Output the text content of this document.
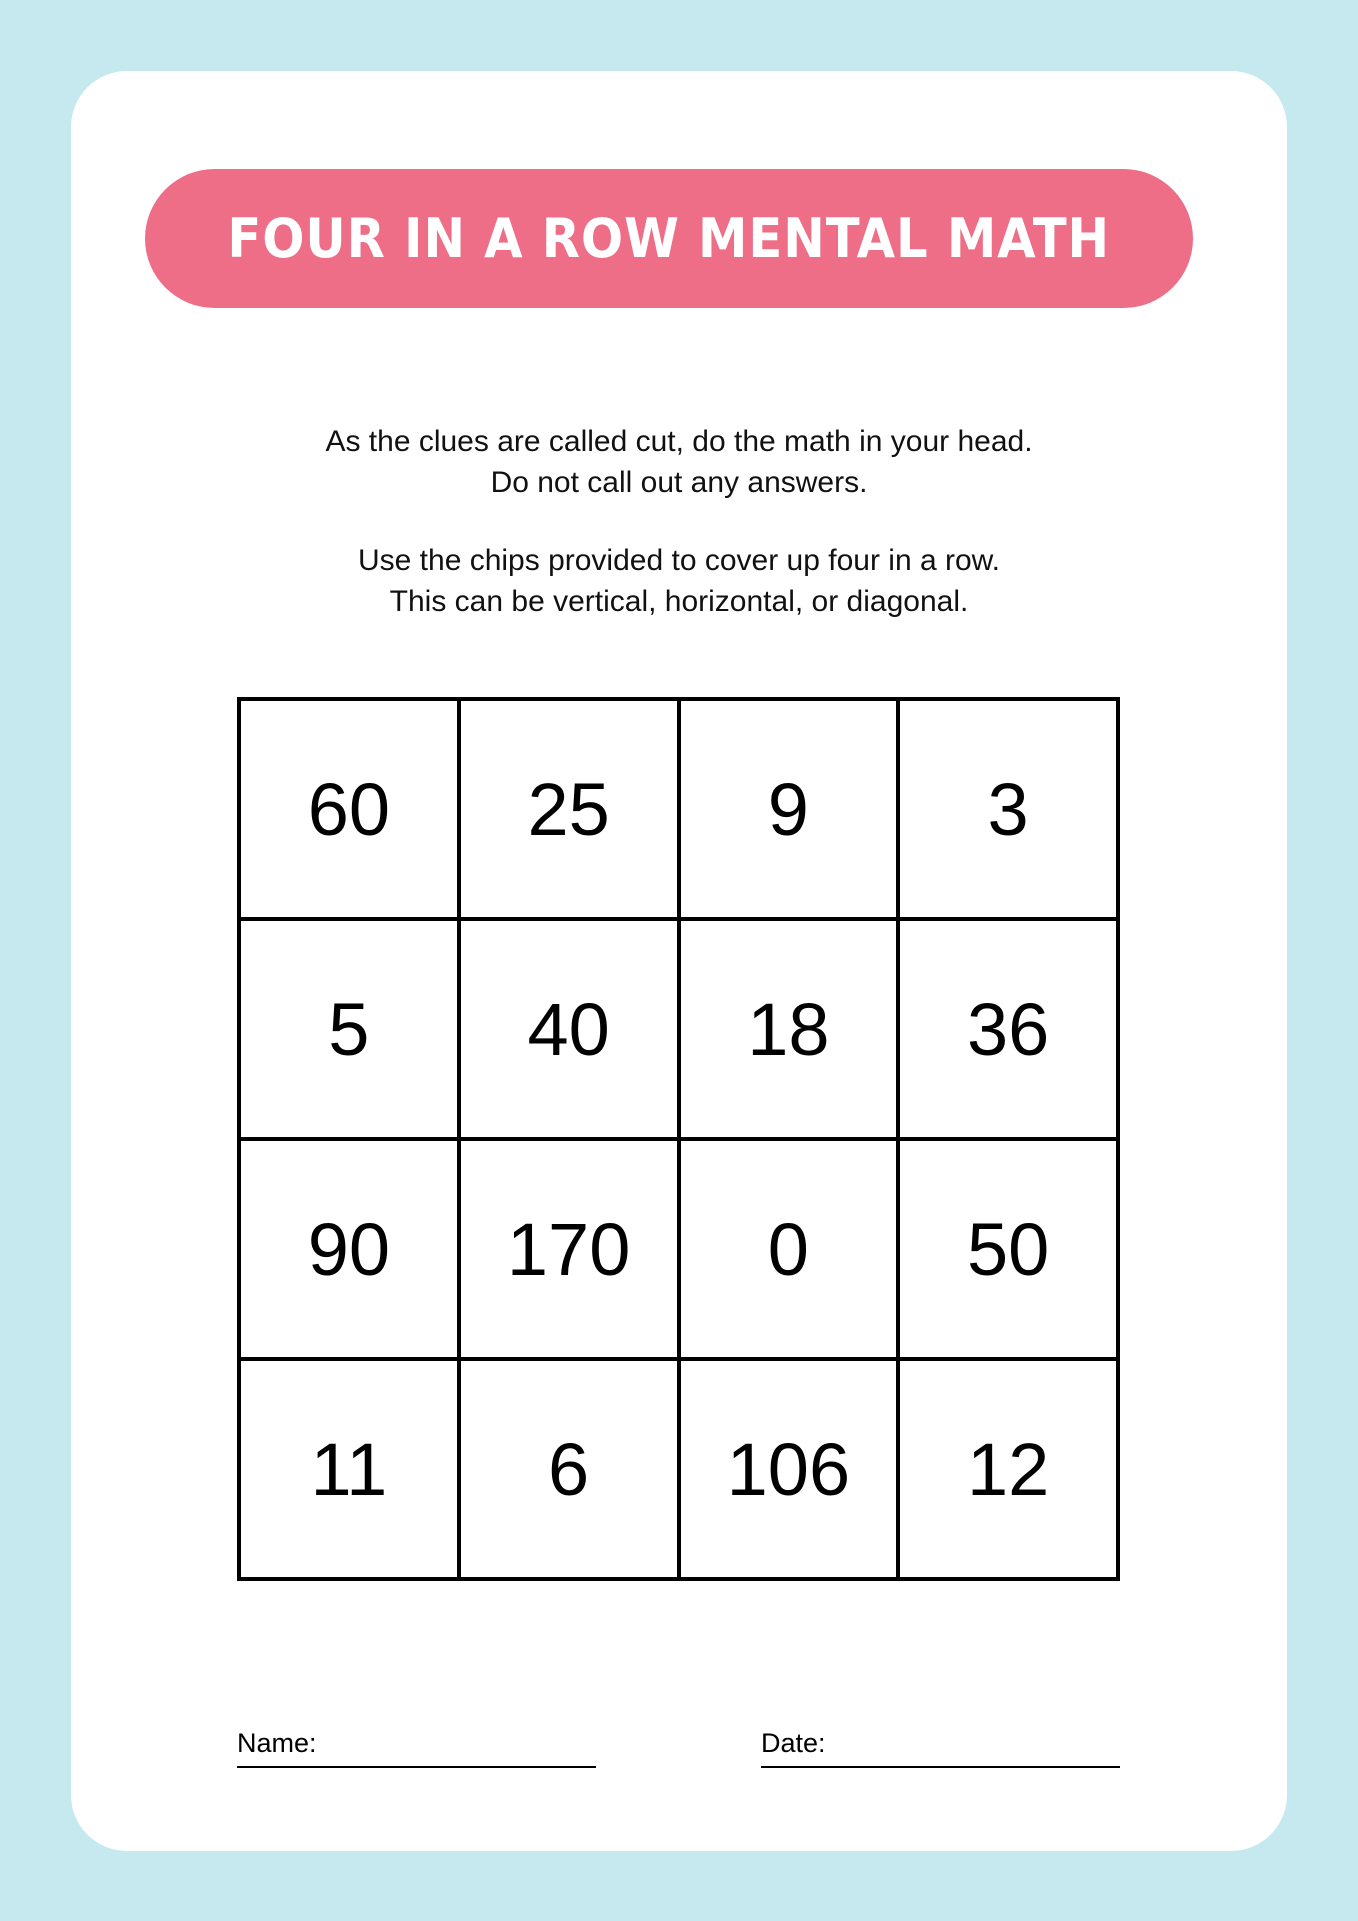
FOUR IN A ROW MENTAL MATH
As the clues are called cut, do the math in your head.
Do not call out any answers.
Use the chips provided to cover up four in a row.
This can be vertical, horizontal, or diagonal.
60	25	9	3
5	40	18	36
90	170	0	50
11	6	106	12
Name:	Date:
